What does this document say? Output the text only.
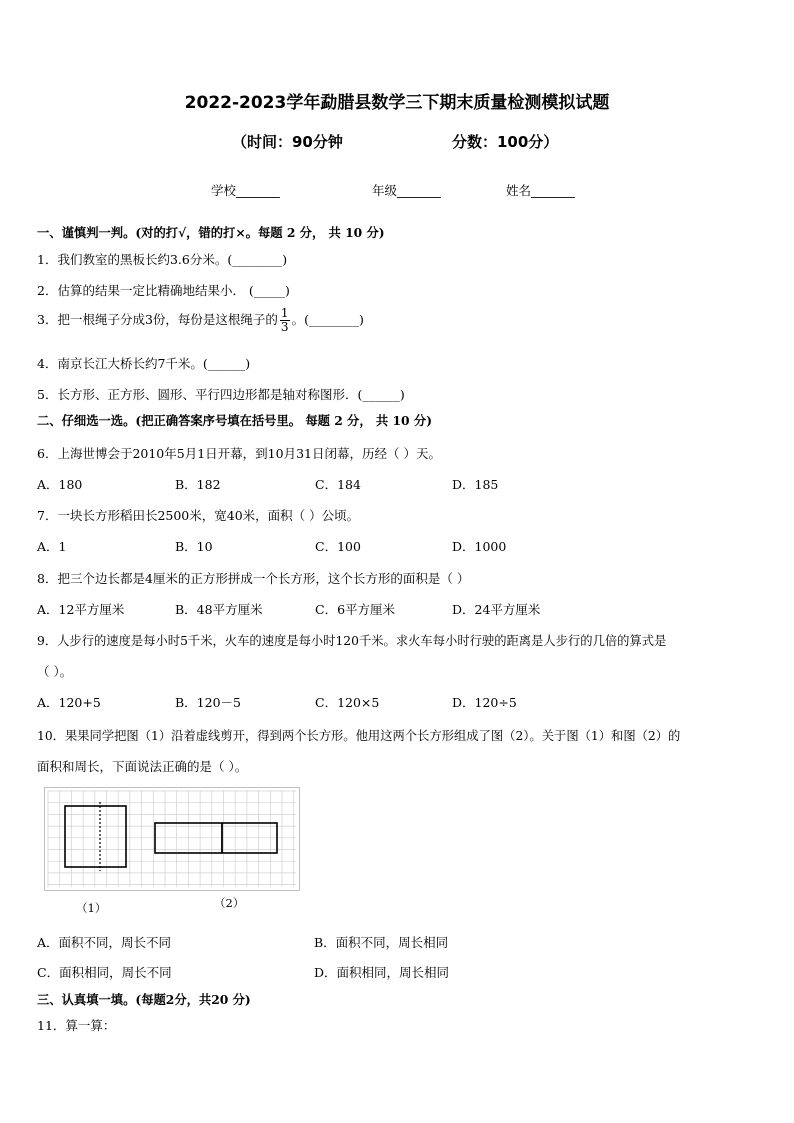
2022-2023学年勐腊县数学三下期末质量检测模拟试题
（时间：90分钟	分数：100分）
学校_______	年级_______	姓名_______
一、谨慎判一判。(对的打√，错的打×。每题 2 分， 共 10 分)
1．我们教室的黑板长约3.6分米。(________)
2．估算的结果一定比精确地结果小． (_____)
3．把一根绳子分成3份，每份是这根绳子的 $\frac{1}{3}$ 。(________)
4．南京长江大桥长约7千米。(______)
5．长方形、正方形、圆形、平行四边形都是轴对称图形．(______)
二、仔细选一选。(把正确答案序号填在括号里。 每题 2 分， 共 10 分)
6．上海世博会于2010年5月1日开幕，到10月31日闭幕，历经（ ）天。
A．180	B．182	C．184	D．185
7．一块长方形稻田长2500米，宽40米，面积（ ）公顷。
A．1	B．10	C．100	D．1000
8．把三个边长都是4厘米的正方形拼成一个长方形，这个长方形的面积是（ ）
A．12平方厘米	B．48平方厘米	C．6平方厘米	D．24平方厘米
9．人步行的速度是每小时5千米，火车的速度是每小时120千米。求火车每小时行驶的距离是人步行的几倍的算式是
（ ）。
A．120+5	B．120－5	C．120×5	D．120÷5
10．果果同学把图（1）沿着虚线剪开，得到两个长方形。他用这两个长方形组成了图（2）。关于图（1）和图（2）的
面积和周长，下面说法正确的是（ ）。
（1）	（2）
A．面积不同，周长不同	B．面积不同，周长相同
C．面积相同，周长不同	D．面积相同，周长相同
三、认真填一填。(每题2分，共20 分)
11．算一算：
